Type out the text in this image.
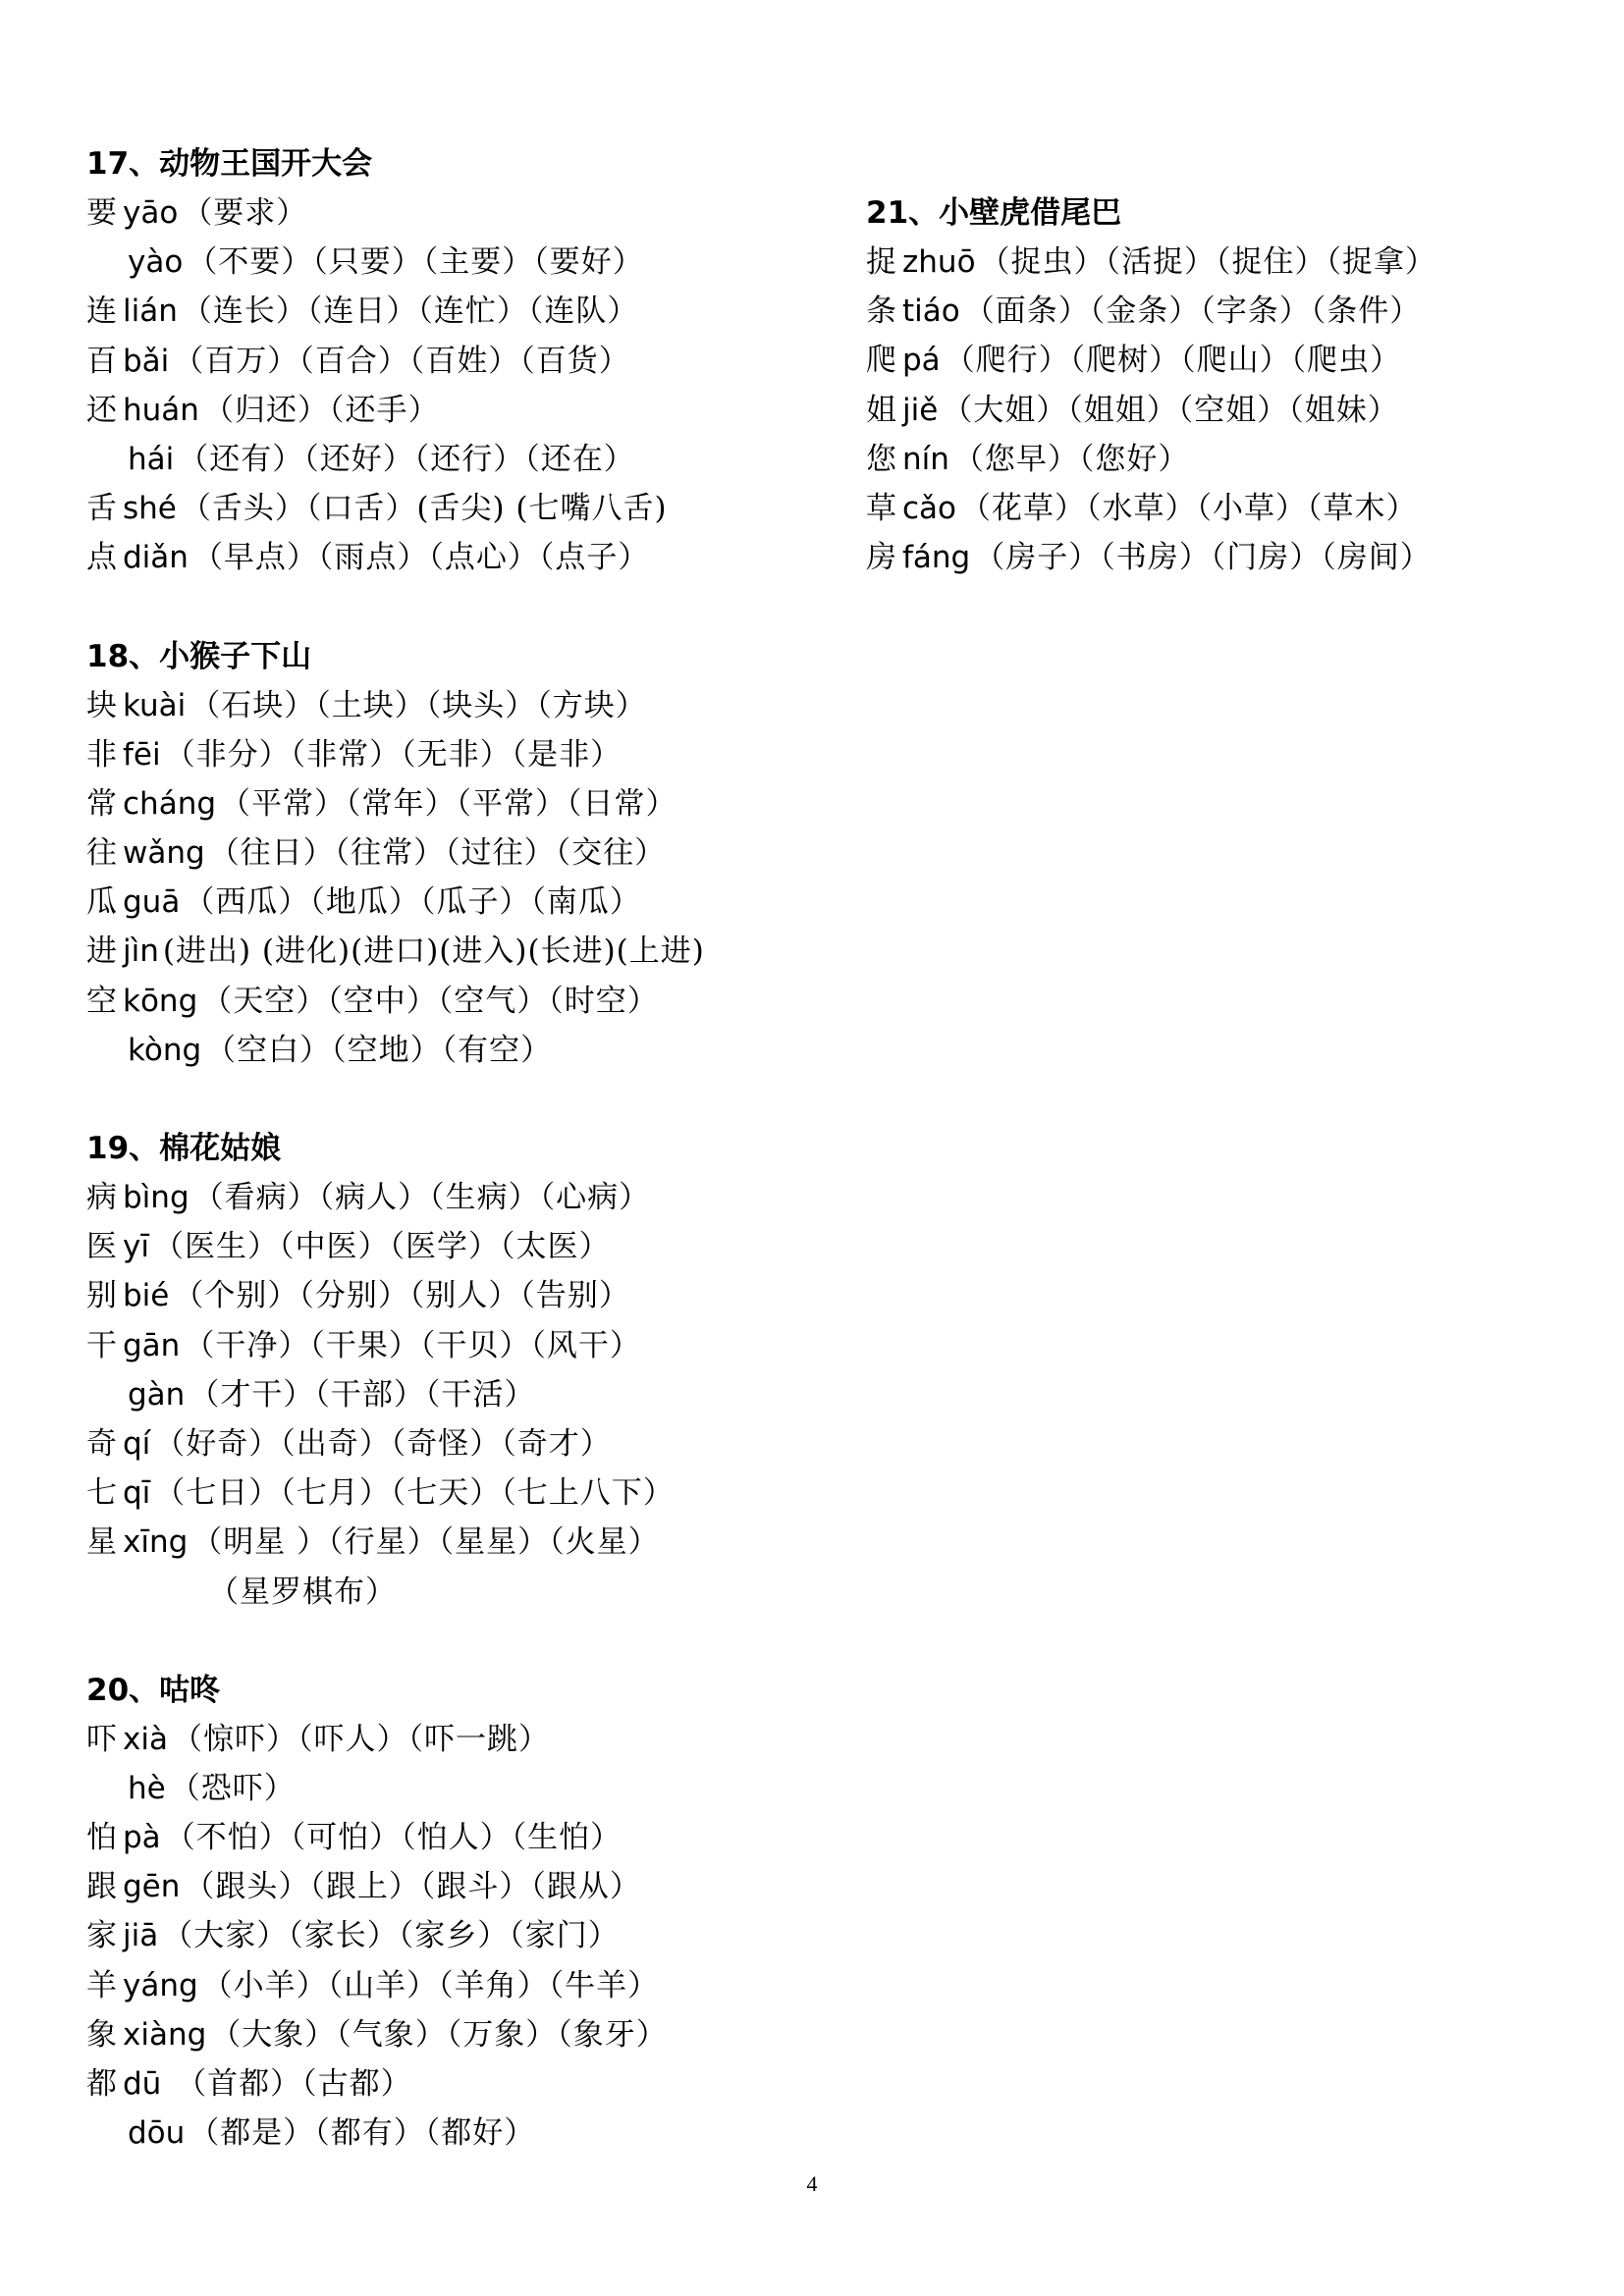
17、动物王国开大会
要 yāo （要求）
yào （不要）（只要）（主要）（要好）
连 lián （连长）（连日）（连忙）（连队）
百 bǎi （百万）（百合）（百姓）（百货）
还 huán （归还）（还手）
hái （还有）（还好）（还行）（还在）
舌 shé （舌头）（口舌）(舌尖) (七嘴八舌)
点 diǎn （早点）（雨点）（点心）（点子）
18、小猴子下山
块 kuài （石块）（土块）（块头）（方块）
非 fēi （非分）（非常）（无非）（是非）
常 cháng （平常）（常年）（平常）（日常）
往 wǎng （往日）（往常）（过往）（交往）
瓜 guā （西瓜）（地瓜）（瓜子）（南瓜）
进 jìn (进出) (进化)(进口)(进入)(长进)(上进)
空 kōng （天空）（空中）（空气）（时空）
kòng （空白）（空地）（有空）
19、棉花姑娘
病 bìng （看病）（病人）（生病）（心病）
医 yī （医生）（中医）（医学）（太医）
别 bié （个别）（分别）（别人）（告别）
干 gān （干净）（干果）（干贝）（风干）
gàn （才干）（干部）（干活）
奇 qí （好奇）（出奇）（奇怪）（奇才）
七 qī （七日）（七月）（七天）（七上八下）
星 xīng （明星 ）（行星）（星星）（火星）
（星罗棋布）
20、咕咚
吓 xià （惊吓）（吓人）（吓一跳）
hè （恐吓）
怕 pà （不怕）（可怕）（怕人）（生怕）
跟 gēn （跟头）（跟上）（跟斗）（跟从）
家 jiā （大家）（家长）（家乡）（家门）
羊 yáng （小羊）（山羊）（羊角）（牛羊）
象 xiàng （大象）（气象）（万象）（象牙）
都 dū （首都）（古都）
dōu （都是）（都有）（都好）
21、小壁虎借尾巴
捉 zhuō （捉虫）（活捉）（捉住）（捉拿）
条 tiáo （面条）（金条）（字条）（条件）
爬 pá （爬行）（爬树）（爬山）（爬虫）
姐 jiě （大姐）（姐姐）（空姐）（姐妹）
您 nín （您早）（您好）
草 cǎo （花草）（水草）（小草）（草木）
房 fáng （房子）（书房）（门房）（房间）
4
